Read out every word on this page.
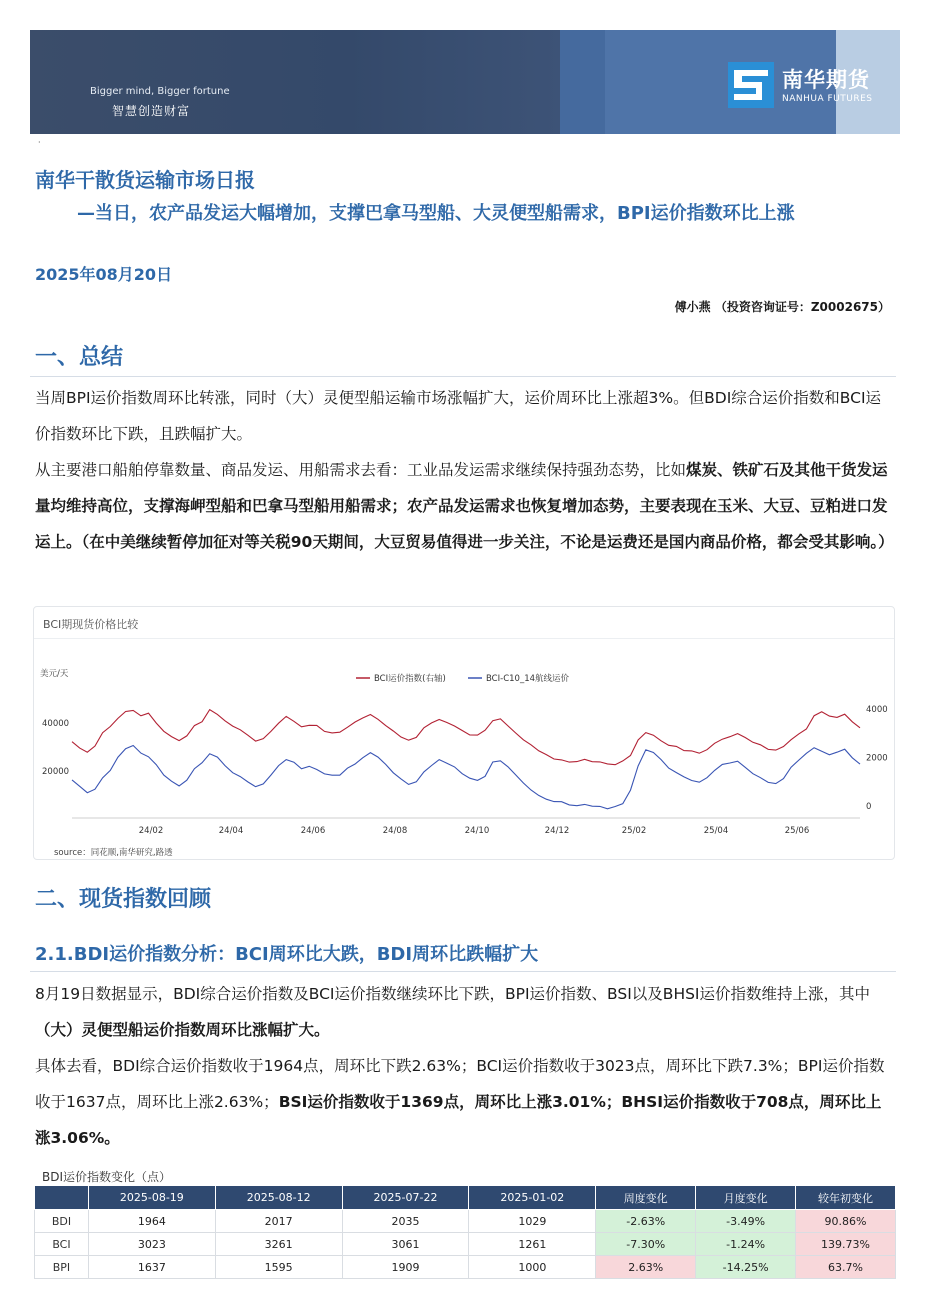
Bigger mind, Bigger fortune
智慧创造财富
南华期货
NANHUA FUTURES
·
南华干散货运输市场日报
—当日，农产品发运大幅增加，支撑巴拿马型船、大灵便型船需求，BPI运价指数环比上涨
2025年08月20日
傅小燕 （投资咨询证号：Z0002675）
一、总结
当周BPI运价指数周环比转涨，同时（大）灵便型船运输市场涨幅扩大，运价周环比上涨超3%。但BDI综合运价指数和BCI运价指数环比下跌，且跌幅扩大。
从主要港口船舶停靠数量、商品发运、用船需求去看：工业品发运需求继续保持强劲态势，比如煤炭、铁矿石及其他干货发运量均维持高位，支撑海岬型船和巴拿马型船用船需求；农产品发运需求也恢复增加态势，主要表现在玉米、大豆、豆粕进口发运上。（在中美继续暂停加征对等关税90天期间，大豆贸易值得进一步关注，不论是运费还是国内商品价格，都会受其影响。）
BCI期现货价格比较
美元/天	BCI运价指数(右轴)	BCI-C10_14航线运价
40000
20000
4000
2000
0
24/02	24/04	24/06	24/08	24/10	24/12	25/02	25/04	25/06
source：同花顺,南华研究,路透
二、现货指数回顾
2.1.BDI运价指数分析：BCI周环比大跌，BDI周环比跌幅扩大
8月19日数据显示，BDI综合运价指数及BCI运价指数继续环比下跌，BPI运价指数、BSI以及BHSI运价指数维持上涨，其中（大）灵便型船运价指数周环比涨幅扩大。
具体去看，BDI综合运价指数收于1964点，周环比下跌2.63%；BCI运价指数收于3023点，周环比下跌7.3%；BPI运价指数收于1637点，周环比上涨2.63%；BSI运价指数收于1369点，周环比上涨3.01%；BHSI运价指数收于708点，周环比上涨3.06%。
BDI运价指数变化（点）
	2025-08-19	2025-08-12	2025-07-22	2025-01-02	周度变化	月度变化	较年初变化
BDI	1964	2017	2035	1029	-2.63%	-3.49%	90.86%
BCI	3023	3261	3061	1261	-7.30%	-1.24%	139.73%
BPI	1637	1595	1909	1000	2.63%	-14.25%	63.7%
